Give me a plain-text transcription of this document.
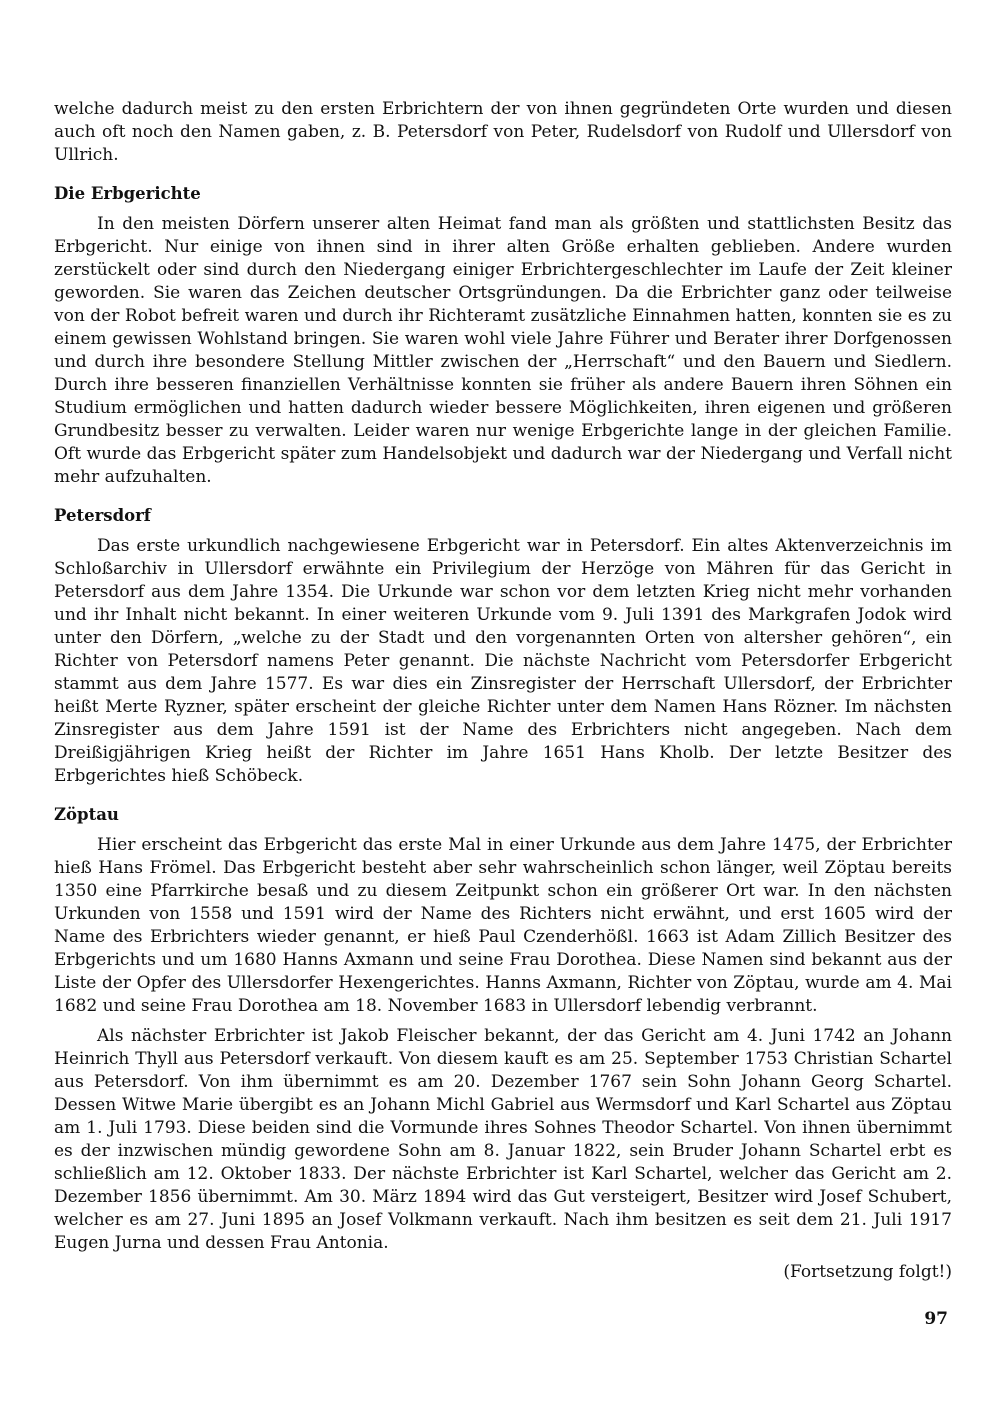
welche dadurch meist zu den ersten Erbrichtern der von ihnen gegründeten Orte wurden und diesen auch oft noch den Namen gaben, z. B. Petersdorf von Peter, Rudelsdorf von Rudolf und Ullersdorf von Ullrich.

Die Erbgerichte

In den meisten Dörfern unserer alten Heimat fand man als größten und stattlichsten Besitz das Erbgericht. Nur einige von ihnen sind in ihrer alten Größe erhalten geblieben. Andere wurden zerstückelt oder sind durch den Niedergang einiger Erbrichtergeschlechter im Laufe der Zeit kleiner geworden. Sie waren das Zeichen deutscher Ortsgründungen. Da die Erbrichter ganz oder teilweise von der Robot befreit waren und durch ihr Richteramt zusätzliche Einnahmen hatten, konnten sie es zu einem gewissen Wohlstand bringen. Sie waren wohl viele Jahre Führer und Berater ihrer Dorfgenossen und durch ihre besondere Stellung Mittler zwischen der „Herrschaft“ und den Bauern und Siedlern. Durch ihre besseren finanziellen Verhältnisse konnten sie früher als andere Bauern ihren Söhnen ein Studium ermöglichen und hatten dadurch wieder bessere Möglichkeiten, ihren eigenen und größeren Grundbesitz besser zu verwalten. Leider waren nur wenige Erbgerichte lange in der gleichen Familie. Oft wurde das Erbgericht später zum Handelsobjekt und dadurch war der Niedergang und Verfall nicht mehr aufzuhalten.

Petersdorf

Das erste urkundlich nachgewiesene Erbgericht war in Petersdorf. Ein altes Aktenverzeichnis im Schloßarchiv in Ullersdorf erwähnte ein Privilegium der Herzöge von Mähren für das Gericht in Petersdorf aus dem Jahre 1354. Die Urkunde war schon vor dem letzten Krieg nicht mehr vorhanden und ihr Inhalt nicht bekannt. In einer weiteren Urkunde vom 9. Juli 1391 des Markgrafen Jodok wird unter den Dörfern, „welche zu der Stadt und den vorgenannten Orten von altersher gehören“, ein Richter von Petersdorf namens Peter genannt. Die nächste Nachricht vom Petersdorfer Erbgericht stammt aus dem Jahre 1577. Es war dies ein Zinsregister der Herrschaft Ullersdorf, der Erbrichter heißt Merte Ryzner, später erscheint der gleiche Richter unter dem Namen Hans Rözner. Im nächsten Zinsregister aus dem Jahre 1591 ist der Name des Erbrichters nicht angegeben. Nach dem Dreißigjährigen Krieg heißt der Richter im Jahre 1651 Hans Kholb. Der letzte Besitzer des Erbgerichtes hieß Schöbeck.

Zöptau

Hier erscheint das Erbgericht das erste Mal in einer Urkunde aus dem Jahre 1475, der Erbrichter hieß Hans Frömel. Das Erbgericht besteht aber sehr wahrscheinlich schon länger, weil Zöptau bereits 1350 eine Pfarrkirche besaß und zu diesem Zeitpunkt schon ein größerer Ort war. In den nächsten Urkunden von 1558 und 1591 wird der Name des Richters nicht erwähnt, und erst 1605 wird der Name des Erbrichters wieder genannt, er hieß Paul Czenderhößl. 1663 ist Adam Zillich Besitzer des Erbgerichts und um 1680 Hanns Axmann und seine Frau Dorothea. Diese Namen sind bekannt aus der Liste der Opfer des Ullersdorfer Hexengerichtes. Hanns Axmann, Richter von Zöptau, wurde am 4. Mai 1682 und seine Frau Dorothea am 18. November 1683 in Ullersdorf lebendig verbrannt.

Als nächster Erbrichter ist Jakob Fleischer bekannt, der das Gericht am 4. Juni 1742 an Johann Heinrich Thyll aus Petersdorf verkauft. Von diesem kauft es am 25. September 1753 Christian Schartel aus Petersdorf. Von ihm übernimmt es am 20. Dezember 1767 sein Sohn Johann Georg Schartel. Dessen Witwe Marie übergibt es an Johann Michl Gabriel aus Wermsdorf und Karl Schartel aus Zöptau am 1. Juli 1793. Diese beiden sind die Vormunde ihres Sohnes Theodor Schartel. Von ihnen übernimmt es der inzwischen mündig gewordene Sohn am 8. Januar 1822, sein Bruder Johann Schartel erbt es schließlich am 12. Oktober 1833. Der nächste Erbrichter ist Karl Schartel, welcher das Gericht am 2. Dezember 1856 übernimmt. Am 30. März 1894 wird das Gut versteigert, Besitzer wird Josef Schubert, welcher es am 27. Juni 1895 an Josef Volkmann verkauft. Nach ihm besitzen es seit dem 21. Juli 1917 Eugen Jurna und dessen Frau Antonia.

(Fortsetzung folgt!)

97
